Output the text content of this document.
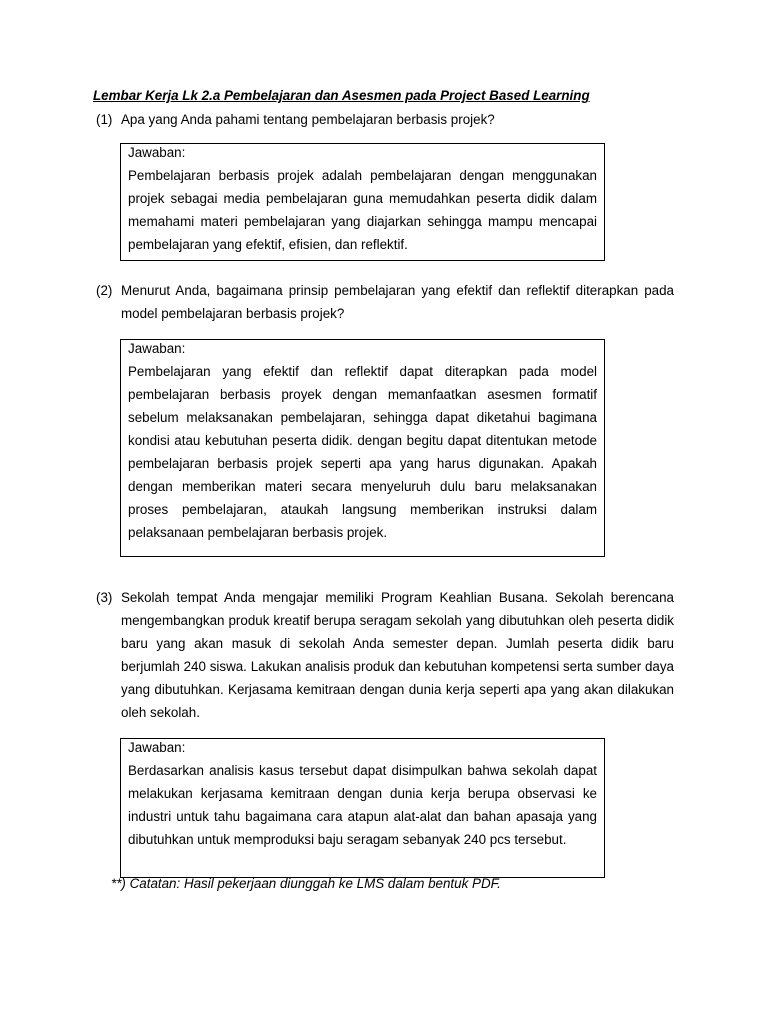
Lembar Kerja Lk 2.a Pembelajaran dan Asesmen pada Project Based Learning
(1) Apa yang Anda pahami tentang pembelajaran berbasis projek?
Jawaban:
Pembelajaran berbasis projek adalah pembelajaran dengan menggunakan projek sebagai media pembelajaran guna memudahkan peserta didik dalam memahami materi pembelajaran yang diajarkan sehingga mampu mencapai pembelajaran yang efektif, efisien, dan reflektif.
(2) Menurut Anda, bagaimana prinsip pembelajaran yang efektif dan reflektif diterapkan pada model pembelajaran berbasis projek?
Jawaban:
Pembelajaran yang efektif dan reflektif dapat diterapkan pada model pembelajaran berbasis proyek dengan memanfaatkan asesmen formatif sebelum melaksanakan pembelajaran, sehingga dapat diketahui bagimana kondisi atau kebutuhan peserta didik. dengan begitu dapat ditentukan metode pembelajaran berbasis projek seperti apa yang harus digunakan. Apakah dengan memberikan materi secara menyeluruh dulu baru melaksanakan proses pembelajaran, ataukah langsung memberikan instruksi dalam pelaksanaan pembelajaran berbasis projek.
(3) Sekolah tempat Anda mengajar memiliki Program Keahlian Busana. Sekolah berencana mengembangkan produk kreatif berupa seragam sekolah yang dibutuhkan oleh peserta didik baru yang akan masuk di sekolah Anda semester depan. Jumlah peserta didik baru berjumlah 240 siswa. Lakukan analisis produk dan kebutuhan kompetensi serta sumber daya yang dibutuhkan. Kerjasama kemitraan dengan dunia kerja seperti apa yang akan dilakukan oleh sekolah.
Jawaban:
Berdasarkan analisis kasus tersebut dapat disimpulkan bahwa sekolah dapat melakukan kerjasama kemitraan dengan dunia kerja berupa observasi ke industri untuk tahu bagaimana cara atapun alat-alat dan bahan apasaja yang dibutuhkan untuk memproduksi baju seragam sebanyak 240 pcs tersebut.
**) Catatan: Hasil pekerjaan diunggah ke LMS dalam bentuk PDF.
